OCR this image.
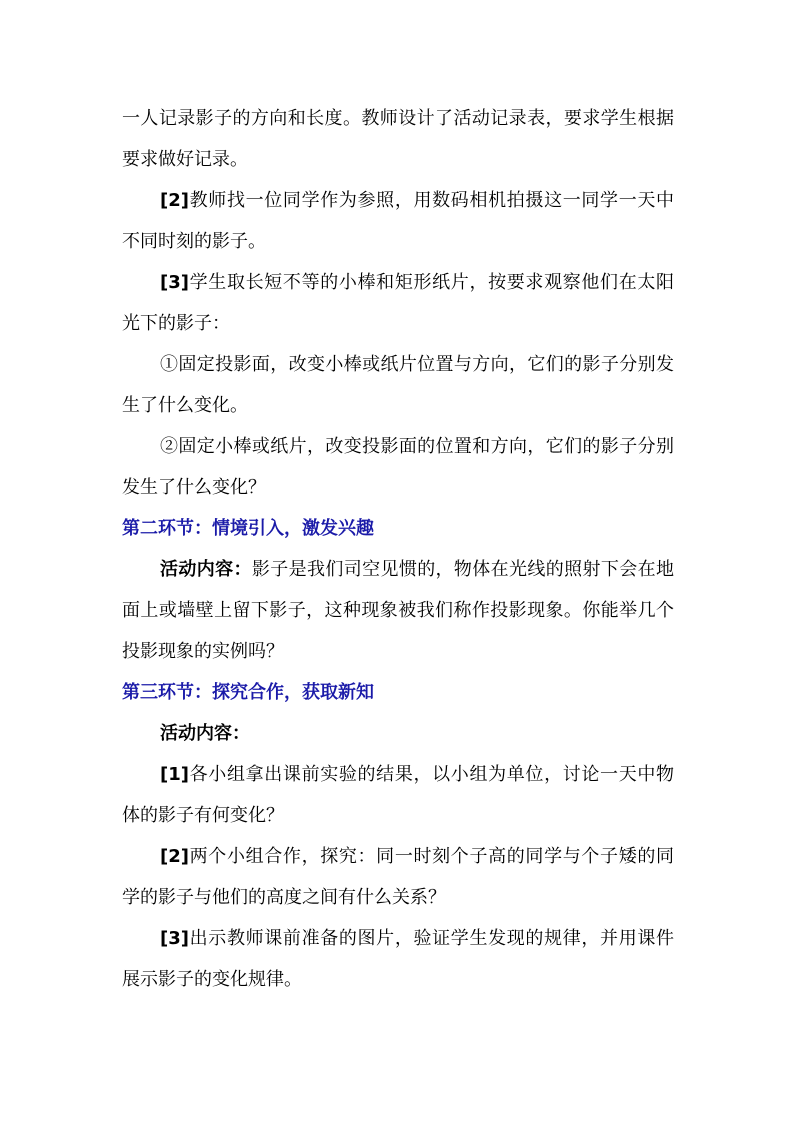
一人记录影子的方向和长度。教师设计了活动记录表，要求学生根据要求做好记录。

[2]教师找一位同学作为参照，用数码相机拍摄这一同学一天中不同时刻的影子。

[3]学生取长短不等的小棒和矩形纸片，按要求观察他们在太阳光下的影子：

①固定投影面，改变小棒或纸片位置与方向，它们的影子分别发生了什么变化。

②固定小棒或纸片，改变投影面的位置和方向，它们的影子分别发生了什么变化？

第二环节：情境引入，激发兴趣

活动内容：影子是我们司空见惯的，物体在光线的照射下会在地面上或墙壁上留下影子，这种现象被我们称作投影现象。你能举几个投影现象的实例吗？

第三环节：探究合作，获取新知

活动内容：

[1]各小组拿出课前实验的结果，以小组为单位，讨论一天中物体的影子有何变化？

[2]两个小组合作，探究：同一时刻个子高的同学与个子矮的同学的影子与他们的高度之间有什么关系？

[3]出示教师课前准备的图片，验证学生发现的规律，并用课件展示影子的变化规律。
